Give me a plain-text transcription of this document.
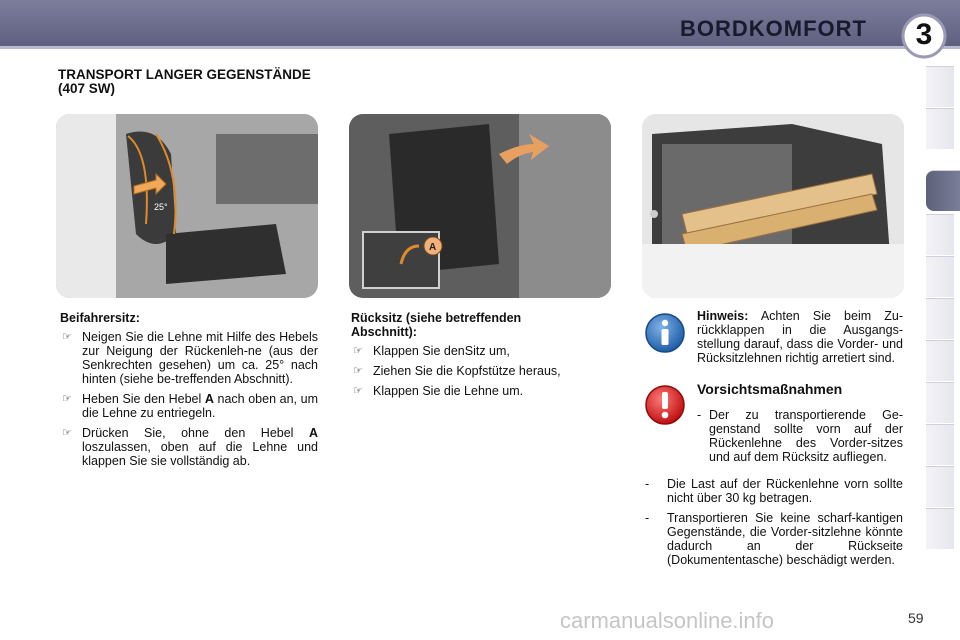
BORDKOMFORT	3
TRANSPORT LANGER GEGENSTÄNDE (407 SW)
25°
A
Beifahrersitz:
☞ Neigen Sie die Lehne mit Hilfe des Hebels zur Neigung der Rückenleh-ne (aus der Senkrechten gesehen) um ca. 25° nach hinten (siehe be-treffenden Abschnitt).
☞ Heben Sie den Hebel A nach oben an, um die Lehne zu entriegeln.
☞ Drücken Sie, ohne den Hebel A loszulassen, oben auf die Lehne und klappen Sie sie vollständig ab.
Rücksitz (siehe betreffenden Abschnitt):
☞ Klappen Sie denSitz um,
☞ Ziehen Sie die Kopfstütze heraus,
☞ Klappen Sie die Lehne um.
Hinweis: Achten Sie beim Zu-rückklappen in die Ausgangs-stellung darauf, dass die Vorder- und Rücksitzlehnen richtig arretiert sind.
Vorsichtsmaßnahmen
- Der zu transportierende Ge-genstand sollte vorn auf der Rückenlehne des Vorder-sitzes und auf dem Rücksitz aufliegen.
- Die Last auf der Rückenlehne vorn sollte nicht über 30 kg betragen.
- Transportieren Sie keine scharf-kantigen Gegenstände, die Vorder-sitzlehne könnte dadurch an der Rückseite (Dokumententasche) beschädigt werden.
carmanualsonline.info	59
